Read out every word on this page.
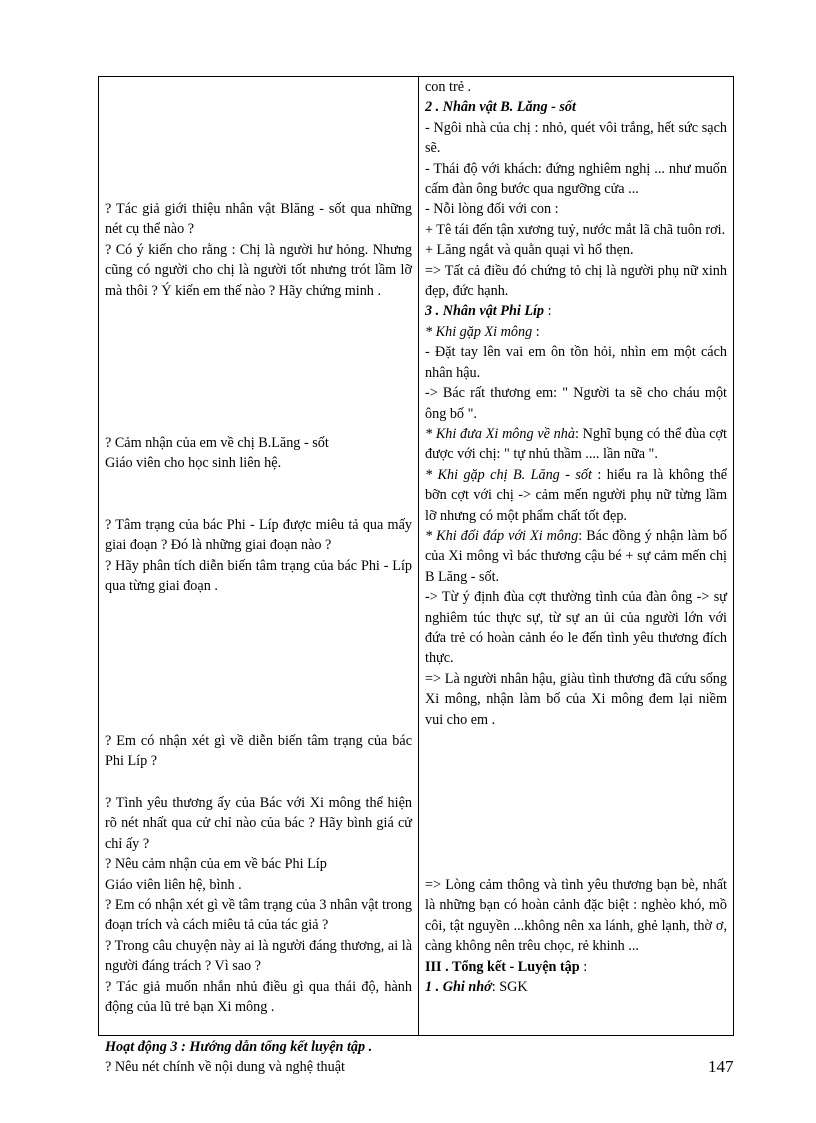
? Tác giả giới thiệu nhân vật Blăng - sốt qua những nét cụ thể nào ?

? Có ý kiến cho rằng : Chị là người hư hỏng. Nhưng cũng có người cho chị là người tốt nhưng trót lầm lỡ mà thôi ? Ý kiến em thế nào ? Hãy chứng minh .

? Cảm nhận của em về chị B.Lăng - sốt

Giáo viên cho học sinh liên hệ.

? Tâm trạng của bác Phi - Líp được miêu tả qua mấy giai đoạn ? Đó là những giai đoạn nào ?

? Hãy phân tích diễn biến tâm trạng của bác Phi - Líp qua từng giai đoạn .

? Em có nhận xét gì về diễn biến tâm trạng của bác Phi Líp ?

? Tình yêu thương ấy của Bác với Xi mông thể hiện rõ nét nhất qua cử chỉ nào của bác ? Hãy bình giá cử chỉ ấy ?

? Nêu cảm nhận của em về bác Phi Líp

Giáo viên liên hệ, bình .

? Em có nhận xét gì về tâm trạng của 3 nhân vật trong đoạn trích và cách miêu tả của tác giả ?

? Trong câu chuyện này ai là người đáng thương, ai là người đáng trách ? Vì sao ?

? Tác giả muốn nhắn nhủ điều gì qua thái độ, hành động của lũ trẻ bạn Xi mông .

Hoạt động 3 : Hướng dẫn tổng kết luyện tập .

? Nêu nét chính về nội dung và nghệ thuật

con trẻ .

2 . Nhân vật B. Lăng - sốt

- Ngôi nhà của chị : nhỏ, quét vôi trắng, hết sức sạch sẽ.

- Thái độ với khách: đứng nghiêm nghị ... như muốn cấm đàn ông bước qua ngưỡng cửa ...

- Nỗi lòng đối với con :

+ Tê tái đến tận xương tuỷ, nước mắt lã chã tuôn rơi.

+ Lăng ngắt và quằn quại vì hổ thẹn.

=> Tất cả điều đó chứng tỏ chị là người phụ nữ xinh đẹp, đức hạnh.

3 . Nhân vật Phi Líp :

* Khi gặp Xi mông :

- Đặt tay lên vai em ôn tồn hỏi, nhìn em một cách nhân hậu.

-> Bác rất thương em: " Người ta sẽ cho cháu một ông bố ".

* Khi đưa Xi mông về nhà: Nghĩ bụng có thể đùa cợt được với chị: " tự nhủ thầm .... lần nữa ".

* Khi gặp chị B. Lăng - sốt : hiểu ra là không thể bỡn cợt với chị -> cảm mến người phụ nữ từng lầm lỡ nhưng có một phẩm chất tốt đẹp.

* Khi đối đáp với Xi mông: Bác đồng ý nhận làm bố của Xi mông vì bác thương cậu bé + sự cảm mến chị B Lăng - sốt.

-> Từ ý định đùa cợt thường tình của đàn ông -> sự nghiêm túc thực sự, từ sự an ủi của người lớn với đứa trẻ có hoàn cảnh éo le đến tình yêu thương đích thực.

=> Là người nhân hậu, giàu tình thương đã cứu sống Xi mông, nhận làm bố của Xi mông đem lại niềm vui cho em .

=> Lòng cảm thông và tình yêu thương bạn bè, nhất là những bạn có hoàn cảnh đặc biệt : nghèo khó, mồ côi, tật nguyền ...không nên xa lánh, ghẻ lạnh, thờ ơ, càng không nên trêu chọc, rẻ khinh ...

III . Tổng kết - Luyện tập :

1 . Ghi nhớ: SGK

147
